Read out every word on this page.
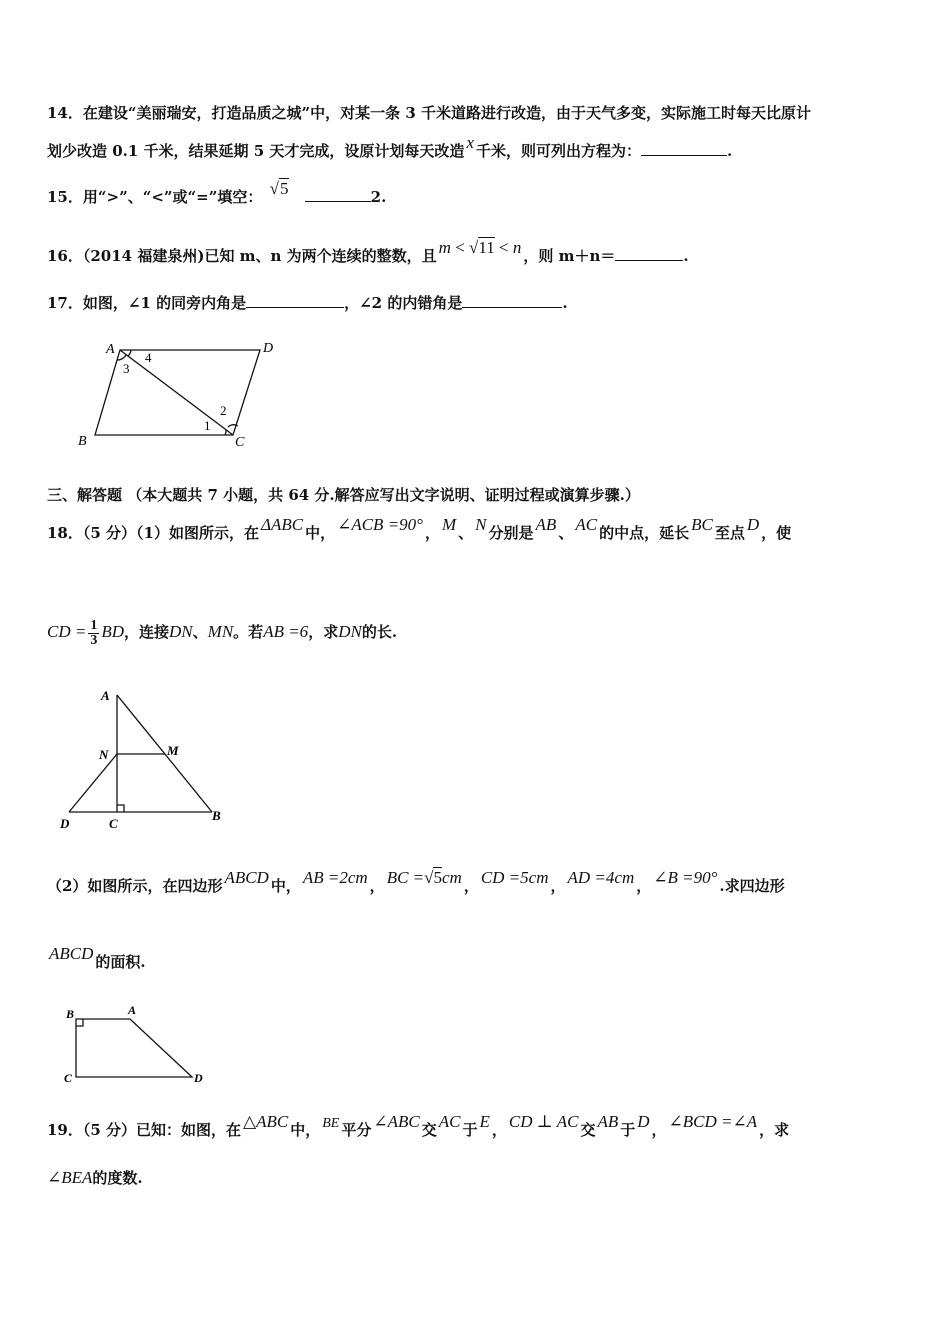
14．在建设“美丽瑞安，打造品质之城”中，对某一条 3 千米道路进行改造，由于天气多变，实际施工时每天比原计
划少改造 0.1 千米，结果延期 5 天才完成，设原计划每天改造 x 千米，则可列出方程为：	.
15．用“>”、“<”或“=”填空： √5	2.
16．（2014 福建泉州)已知 m、n 为两个连续的整数，且 m < √11 < n ，则 m＋n＝	.
17．如图，∠1 的同旁内角是	，∠2 的内错角是	.
A	D
B	C
4
3
1
2
三、解答题 （本大题共 7 小题，共 64 分.解答应写出文字说明、证明过程或演算步骤.）
18．（5 分）（1）如图所示，在 ΔABC 中， ∠ACB =90° ， M 、 N 分别是 AB 、 AC 的中点，延长 BC 至点 D ，使
CD = $\frac{1}{3}$ BD，连接DN、MN。若AB =6，求DN的长.
A
N	M
D	C
B
（2）如图所示，在四边形 ABCD 中， AB =2cm ， BC =√5cm ， CD =5cm ， AD =4cm ， ∠B =90° .求四边形
ABCD 的面积.
B	A
C	D
19．（5 分）已知：如图，在 △ABC 中， BE 平分 ∠ABC 交 AC 于 E ， CD ⊥ AC 交 AB 于 D ， ∠BCD =∠A ，求
∠BEA的度数.
